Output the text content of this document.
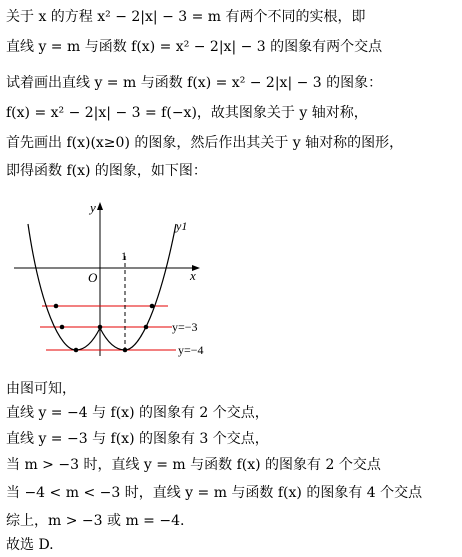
关于 x 的方程 x² − 2|x| − 3 = m 有两个不同的实根，即
直线 y = m 与函数 f(x) = x² − 2|x| − 3 的图象有两个交点
试着画出直线 y = m 与函数 f(x) = x² − 2|x| − 3 的图象：
f(x) = x² − 2|x| − 3 = f(−x)，故其图象关于 y 轴对称，
首先画出 f(x)(x≥0) 的图象，然后作出其关于 y 轴对称的图形，
即得函数 f(x) 的图象，如下图：
y
x
O
1
y1
y=−3
y=−4
由图可知，
直线 y = −4 与 f(x) 的图象有 2 个交点，
直线 y = −3 与 f(x) 的图象有 3 个交点，
当 m > −3 时，直线 y = m 与函数 f(x) 的图象有 2 个交点
当 −4 < m < −3 时，直线 y = m 与函数 f(x) 的图象有 4 个交点
综上，m > −3 或 m = −4.
故选 D.
